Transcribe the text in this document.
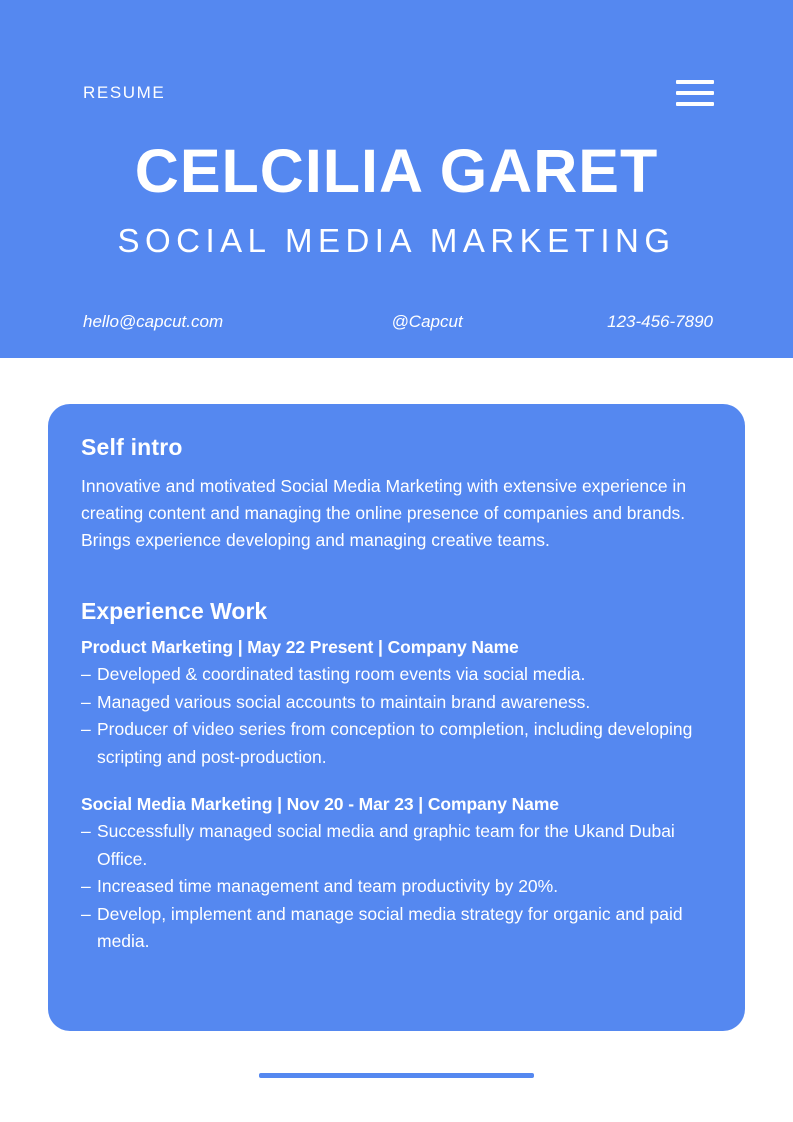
RESUME
CELCILIA GARET
SOCIAL MEDIA MARKETING
hello@capcut.com	@Capcut	123-456-7890
Self intro
Innovative and motivated Social Media Marketing with extensive experience in creating content and managing the online presence of companies and brands. Brings experience developing and managing creative teams.
Experience Work
Product Marketing | May 22 Present | Company Name
– Developed & coordinated tasting room events via social media.
– Managed various social accounts to maintain brand awareness.
– Producer of video series from conception to completion, including developing scripting and post-production.
Social Media Marketing | Nov 20 - Mar 23 | Company Name
– Successfully managed social media and graphic team for the Ukand Dubai Office.
– Increased time management and team productivity by 20%.
– Develop, implement and manage social media strategy for organic and paid media.
